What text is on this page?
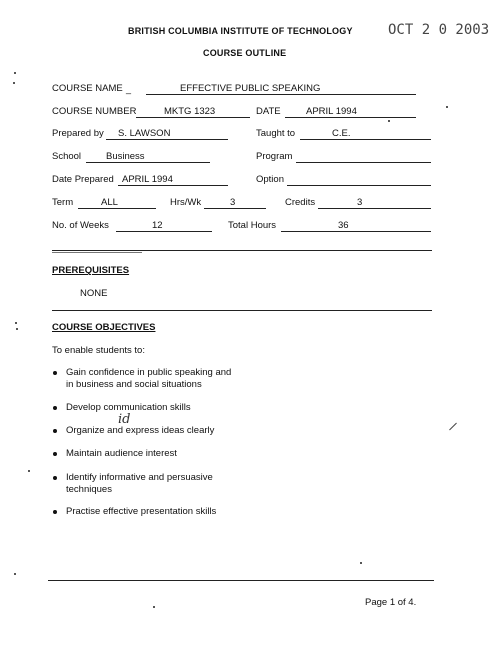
BRITISH COLUMBIA INSTITUTE OF TECHNOLOGY	OCT 2 0 2003
COURSE OUTLINE
COURSE NAME _	EFFECTIVE PUBLIC SPEAKING
COURSE NUMBER	MKTG 1323	DATE	APRIL 1994
Prepared by S. LAWSON	Taught to	C.E.
School	Business	Program
Date Prepared APRIL 1994	Option
Term	ALL	Hrs/Wk	3	Credits	3
No. of Weeks	12	Total Hours	36
PREREQUISITES
NONE
COURSE OBJECTIVES
To enable students to:
Gain confidence in public speaking and
in business and social situations
Develop communication skills
Organize and express ideas clearly
id
Maintain audience interest
Identify informative and persuasive
techniques
Practise effective presentation skills
Page 1 of 4.
